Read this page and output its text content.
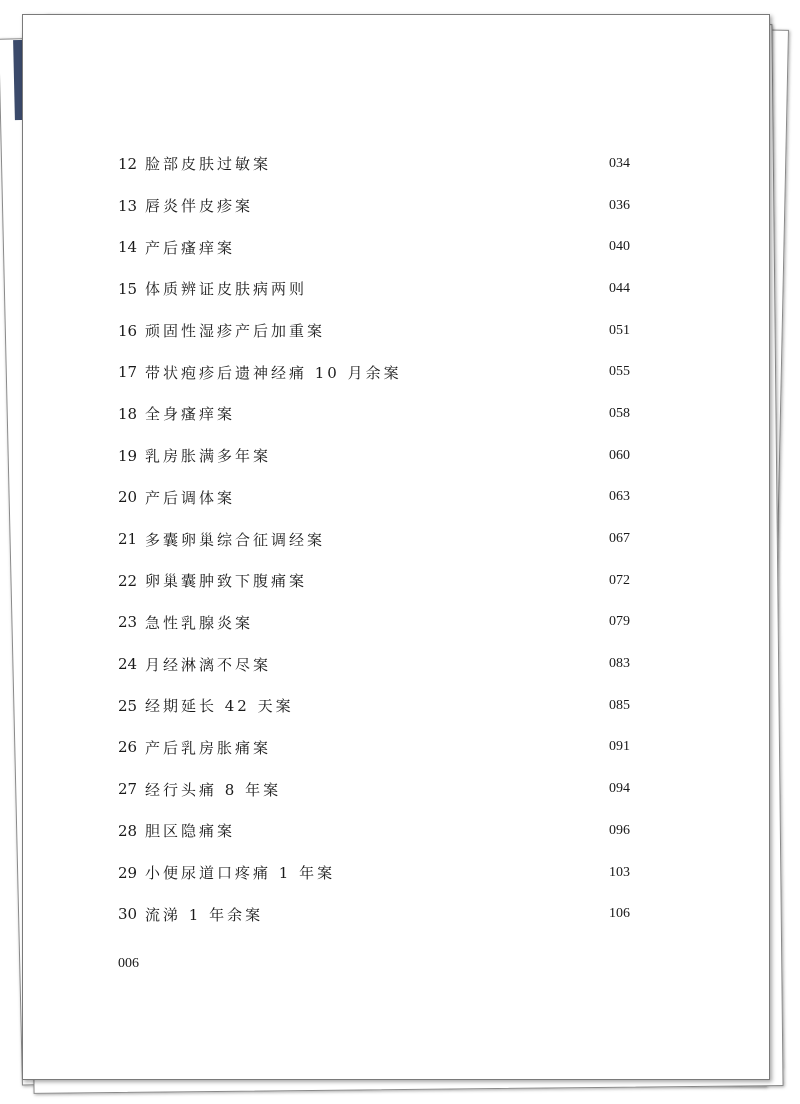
12 脸部皮肤过敏案	034
13 唇炎伴皮疹案	036
14 产后瘙痒案	040
15 体质辨证皮肤病两则	044
16 顽固性湿疹产后加重案	051
17 带状疱疹后遗神经痛 10 月余案	055
18 全身瘙痒案	058
19 乳房胀满多年案	060
20 产后调体案	063
21 多囊卵巢综合征调经案	067
22 卵巢囊肿致下腹痛案	072
23 急性乳腺炎案	079
24 月经淋漓不尽案	083
25 经期延长 42 天案	085
26 产后乳房胀痛案	091
27 经行头痛 8 年案	094
28 胆区隐痛案	096
29 小便尿道口疼痛 1 年案	103
30 流涕 1 年余案	106
006
